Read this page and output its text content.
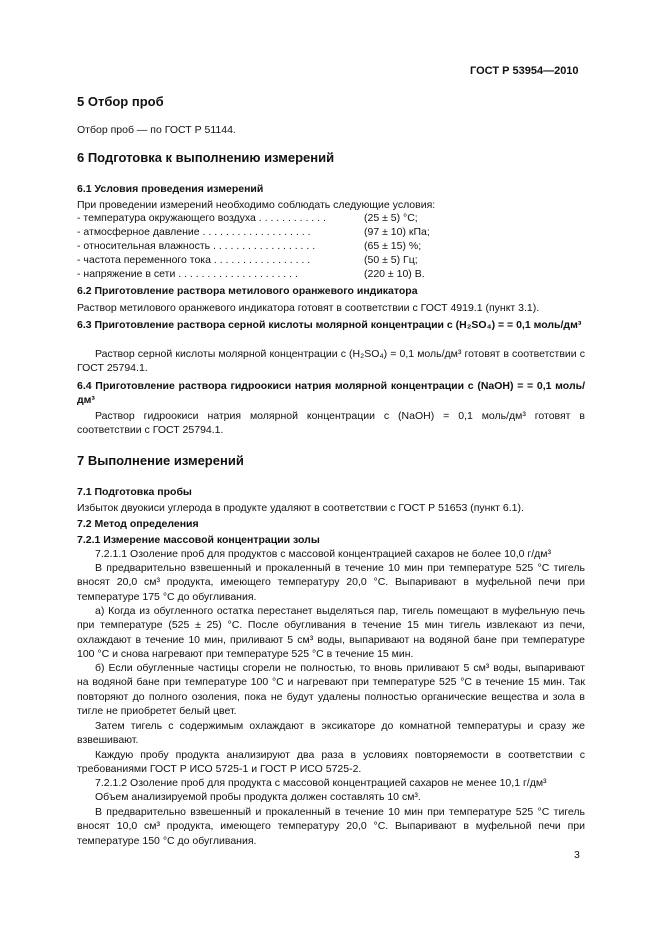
ГОСТ Р 53954—2010
5 Отбор проб
Отбор проб — по ГОСТ Р 51144.
6 Подготовка к выполнению измерений
6.1 Условия проведения измерений
При проведении измерений необходимо соблюдать следующие условия:
- температура окружающего воздуха . . . . . . . . . . . .	(25 ± 5) °C;
- атмосферное давление . . . . . . . . . . . . . . . . . . .	(97 ± 10) кПа;
- относительная влажность . . . . . . . . . . . . . . . . . .	(65 ± 15) %;
- частота переменного тока . . . . . . . . . . . . . . . . .	(50 ± 5) Гц;
- напряжение в сети . . . . . . . . . . . . . . . . . . . . .	(220 ± 10) В.
6.2 Приготовление раствора метилового оранжевого индикатора
Раствор метилового оранжевого индикатора готовят в соответствии с ГОСТ 4919.1 (пункт 3.1).
6.3 Приготовление раствора серной кислоты молярной концентрации c (H₂SO₄) = = 0,1 моль/дм³
Раствор серной кислоты молярной концентрации c (H₂SO₄) = 0,1 моль/дм³ готовят в соответствии с ГОСТ 25794.1.
6.4 Приготовление раствора гидроокиси натрия молярной концентрации c (NaOH) = = 0,1 моль/дм³
Раствор гидроокиси натрия молярной концентрации c (NaOH) = 0,1 моль/дм³ готовят в соответствии с ГОСТ 25794.1.
7 Выполнение измерений
7.1 Подготовка пробы
Избыток двуокиси углерода в продукте удаляют в соответствии с ГОСТ Р 51653 (пункт 6.1).
7.2 Метод определения
7.2.1 Измерение массовой концентрации золы
7.2.1.1 Озоление проб для продуктов с массовой концентрацией сахаров не более 10,0 г/дм³
В предварительно взвешенный и прокаленный в течение 10 мин при температуре 525 °C тигель вносят 20,0 см³ продукта, имеющего температуру 20,0 °C. Выпаривают в муфельной печи при температуре 175 °C до обугливания.
а) Когда из обугленного остатка перестанет выделяться пар, тигель помещают в муфельную печь при температуре (525 ± 25) °C. После обугливания в течение 15 мин тигель извлекают из печи, охлаждают в течение 10 мин, приливают 5 см³ воды, выпаривают на водяной бане при температуре 100 °C и снова нагревают при температуре 525 °C в течение 15 мин.
б) Если обугленные частицы сгорели не полностью, то вновь приливают 5 см³ воды, выпаривают на водяной бане при температуре 100 °C и нагревают при температуре 525 °C в течение 15 мин. Так повторяют до полного озоления, пока не будут удалены полностью органические вещества и зола в тигле не приобретет белый цвет.
Затем тигель с содержимым охлаждают в эксикаторе до комнатной температуры и сразу же взвешивают.
Каждую пробу продукта анализируют два раза в условиях повторяемости в соответствии с требованиями ГОСТ Р ИСО 5725-1 и ГОСТ Р ИСО 5725-2.
7.2.1.2 Озоление проб для продукта с массовой концентрацией сахаров не менее 10,1 г/дм³
Объем анализируемой пробы продукта должен составлять 10 см³.
В предварительно взвешенный и прокаленный в течение 10 мин при температуре 525 °C тигель вносят 10,0 см³ продукта, имеющего температуру 20,0 °C. Выпаривают в муфельной печи при температуре 150 °C до обугливания.
3
